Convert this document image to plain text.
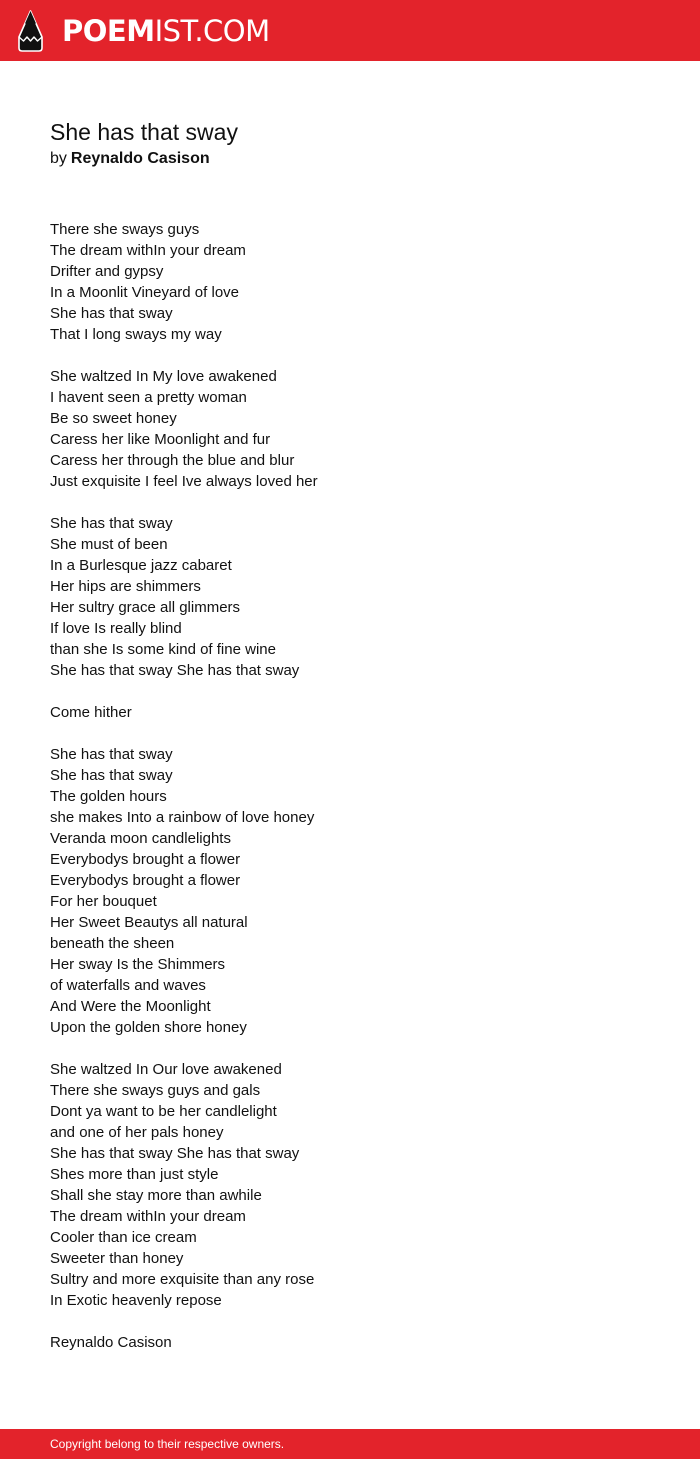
POEMIST.COM
She has that sway
by Reynaldo Casison
There she sways guys
The dream withIn your dream
Drifter and gypsy
In a Moonlit Vineyard of love
She has that sway
That I long sways my way
She waltzed In My love awakened
I havent seen a pretty woman
Be so sweet honey
Caress her like Moonlight and fur
Caress her through the blue and blur
Just exquisite I feel Ive always loved her
She has that sway
She must of been
In a Burlesque jazz cabaret
Her hips are shimmers
Her sultry grace all glimmers
If love Is really blind
than she Is some kind of fine wine
She has that sway She has that sway
Come hither
She has that sway
She has that sway
The golden hours
she makes Into a rainbow of love honey
Veranda moon candlelights
Everybodys brought a flower
Everybodys brought a flower
For her bouquet
Her Sweet Beautys all natural
beneath the sheen
Her sway Is the Shimmers
of waterfalls and waves
And Were the Moonlight
Upon the golden shore honey
She waltzed In Our love awakened
There she sways guys and gals
Dont ya want to be her candlelight
and one of her pals honey
She has that sway She has that sway
Shes more than just style
Shall she stay more than awhile
The dream withIn your dream
Cooler than ice cream
Sweeter than honey
Sultry and more exquisite than any rose
In Exotic heavenly repose
Reynaldo Casison
Copyright belong to their respective owners.
